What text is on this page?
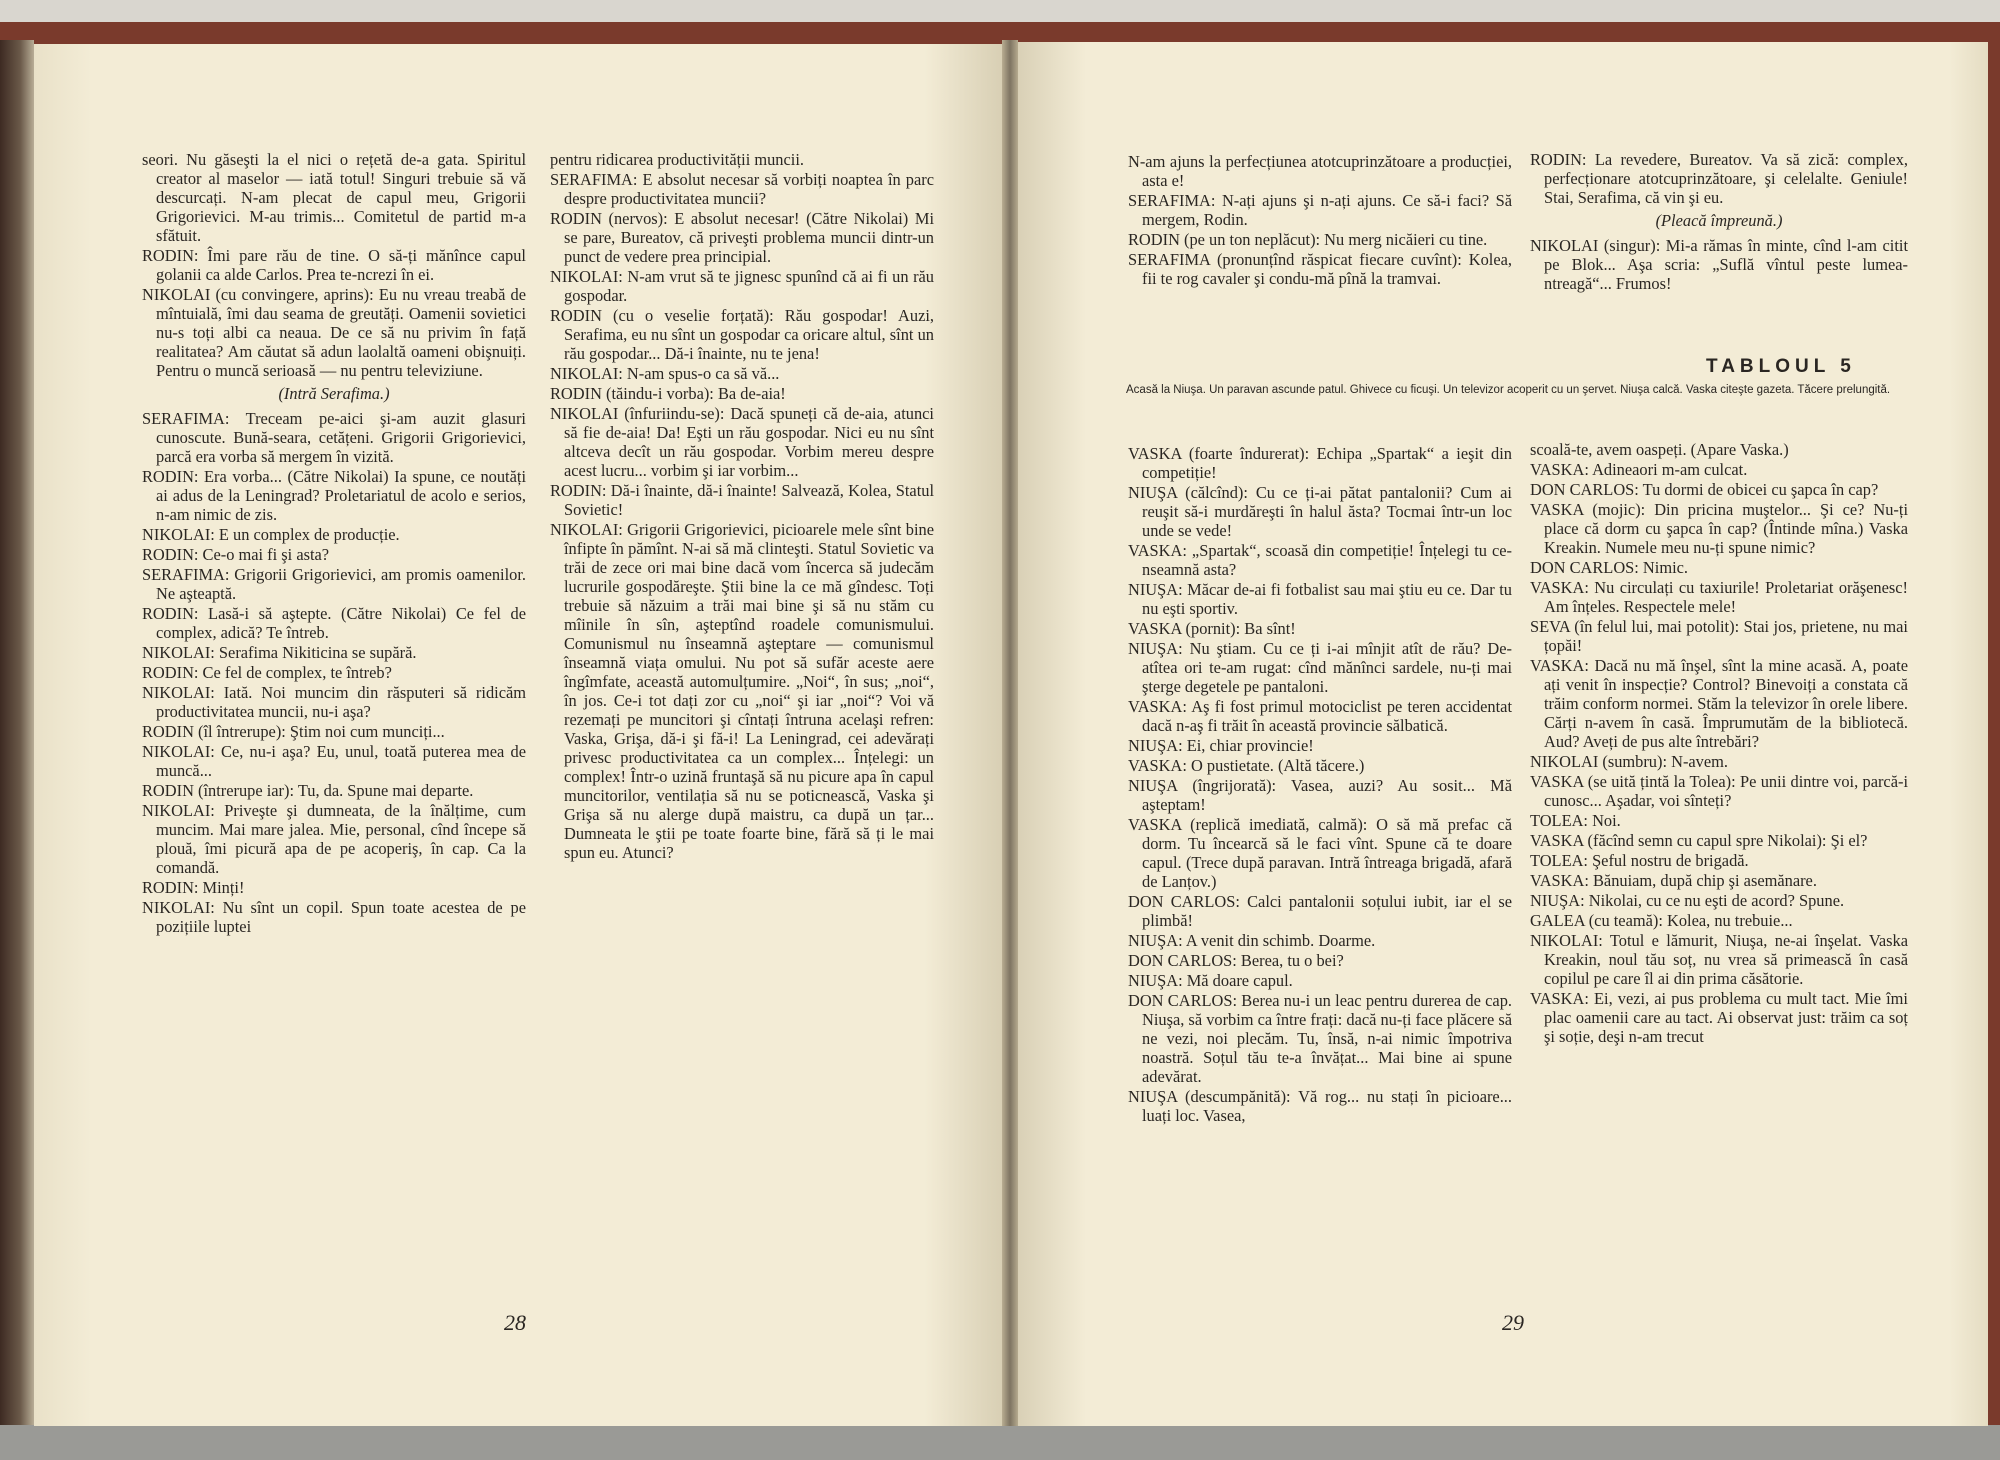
seori. Nu găseşti la el nici o rețetă de-a gata. Spiritul creator al maselor — iată totul! Singuri trebuie să vă descurcați. N-am plecat de capul meu, Grigorii Grigorievici. M-au trimis... Comitetul de partid m-a sfătuit.

RODIN: Îmi pare rău de tine. O să-ți mănînce capul golanii ca alde Carlos. Prea te-ncrezi în ei.

NIKOLAI (cu convingere, aprins): Eu nu vreau treabă de mîntuială, îmi dau seama de greutăți. Oamenii sovietici nu-s toți albi ca neaua. De ce să nu privim în față realitatea? Am căutat să adun laolaltă oameni obişnuiți. Pentru o muncă serioasă — nu pentru televiziune.

(Intră Serafima.)

SERAFIMA: Treceam pe-aici şi-am auzit glasuri cunoscute. Bună-seara, cetățeni. Grigorii Grigorievici, parcă era vorba să mergem în vizită.

RODIN: Era vorba... (Către Nikolai) Ia spune, ce noutăți ai adus de la Leningrad? Proletariatul de acolo e serios, n-am nimic de zis.

NIKOLAI: E un complex de producție.

RODIN: Ce-o mai fi şi asta?

SERAFIMA: Grigorii Grigorievici, am promis oamenilor. Ne aşteaptă.

RODIN: Lasă-i să aştepte. (Către Nikolai) Ce fel de complex, adică? Te întreb.

NIKOLAI: Serafima Nikiticina se supără.

RODIN: Ce fel de complex, te întreb?

NIKOLAI: Iată. Noi muncim din răsputeri să ridicăm productivitatea muncii, nu-i aşa?

RODIN (îl întrerupe): Ştim noi cum munciți...

NIKOLAI: Ce, nu-i aşa? Eu, unul, toată puterea mea de muncă...

RODIN (întrerupe iar): Tu, da. Spune mai departe.

NIKOLAI: Priveşte şi dumneata, de la înălțime, cum muncim. Mai mare jalea. Mie, personal, cînd începe să plouă, îmi picură apa de pe acoperiş, în cap. Ca la comandă.

RODIN: Minți!

NIKOLAI: Nu sînt un copil. Spun toate acestea de pe pozițiile luptei

pentru ridicarea productivității muncii.

SERAFIMA: E absolut necesar să vorbiți noaptea în parc despre productivitatea muncii?

RODIN (nervos): E absolut necesar! (Către Nikolai) Mi se pare, Bureatov, că priveşti problema muncii dintr-un punct de vedere prea principial.

NIKOLAI: N-am vrut să te jignesc spunînd că ai fi un rău gospodar.

RODIN (cu o veselie forțată): Rău gospodar! Auzi, Serafima, eu nu sînt un gospodar ca oricare altul, sînt un rău gospodar... Dă-i înainte, nu te jena!

NIKOLAI: N-am spus-o ca să vă...

RODIN (tăindu-i vorba): Ba de-aia!

NIKOLAI (înfuriindu-se): Dacă spuneți că de-aia, atunci să fie de-aia! Da! Eşti un rău gospodar. Nici eu nu sînt altceva decît un rău gospodar. Vorbim mereu despre acest lucru... vorbim şi iar vorbim...

RODIN: Dă-i înainte, dă-i înainte! Salvează, Kolea, Statul Sovietic!

NIKOLAI: Grigorii Grigorievici, picioarele mele sînt bine înfipte în pămînt. N-ai să mă clinteşti. Statul Sovietic va trăi de zece ori mai bine dacă vom încerca să judecăm lucrurile gospodăreşte. Ştii bine la ce mă gîndesc. Toți trebuie să năzuim a trăi mai bine şi să nu stăm cu mîinile în sîn, aşteptînd roadele comunismului. Comunismul nu înseamnă aşteptare — comunismul înseamnă viața omului. Nu pot să sufăr aceste aere îngîmfate, această automulțumire. „Noi“, în sus; „noi“, în jos. Ce-i tot dați zor cu „noi“ şi iar „noi“? Voi vă rezemați pe muncitori şi cîntați întruna acelaşi refren: Vaska, Grişa, dă-i şi fă-i! La Leningrad, cei adevărați privesc productivitatea ca un complex... Înțelegi: un complex! Într-o uzină fruntaşă să nu picure apa în capul muncitorilor, ventilația să nu se poticnească, Vaska şi Grişa să nu alerge după maistru, ca după un țar... Dumneata le ştii pe toate foarte bine, fără să ți le mai spun eu. Atunci?

28

N-am ajuns la perfecțiunea atotcuprinzătoare a producției, asta e!

SERAFIMA: N-ați ajuns şi n-ați ajuns. Ce să-i faci? Să mergem, Rodin.

RODIN (pe un ton neplăcut): Nu merg nicăieri cu tine.

SERAFIMA (pronunțînd răspicat fiecare cuvînt): Kolea, fii te rog cavaler şi condu-mă pînă la tramvai.

RODIN: La revedere, Bureatov. Va să zică: complex, perfecționare atotcuprinzătoare, şi celelalte. Geniule! Stai, Serafima, că vin şi eu.

(Pleacă împreună.)

NIKOLAI (singur): Mi-a rămas în minte, cînd l-am citit pe Blok... Aşa scria: „Suflă vîntul peste lumea-ntreagă“... Frumos!

TABLOUL 5
Acasă la Niuşa. Un paravan ascunde patul. Ghivece cu ficuşi. Un televizor acoperit cu un şervet. Niuşa calcă. Vaska citeşte gazeta. Tăcere prelungită.

VASKA (foarte îndurerat): Echipa „Spartak“ a ieşit din competiție!

NIUŞA (călcînd): Cu ce ți-ai pătat pantalonii? Cum ai reuşit să-i murdăreşti în halul ăsta? Tocmai într-un loc unde se vede!

VASKA: „Spartak“, scoasă din competiție! Înțelegi tu ce-nseamnă asta?

NIUŞA: Măcar de-ai fi fotbalist sau mai ştiu eu ce. Dar tu nu eşti sportiv.

VASKA (pornit): Ba sînt!

NIUŞA: Nu ştiam. Cu ce ți i-ai mînjit atît de rău? De-atîtea ori te-am rugat: cînd mănînci sardele, nu-ți mai şterge degetele pe pantaloni.

VASKA: Aş fi fost primul motociclist pe teren accidentat dacă n-aş fi trăit în această provincie sălbatică.

NIUŞA: Ei, chiar provincie!

VASKA: O pustietate. (Altă tăcere.)

NIUŞA (îngrijorată): Vasea, auzi? Au sosit... Mă aşteptam!

VASKA (replică imediată, calmă): O să mă prefac că dorm. Tu încearcă să le faci vînt. Spune că te doare capul. (Trece după paravan. Intră întreaga brigadă, afară de Lanțov.)

DON CARLOS: Calci pantalonii soțului iubit, iar el se plimbă!

NIUŞA: A venit din schimb. Doarme.

DON CARLOS: Berea, tu o bei?

NIUŞA: Mă doare capul.

DON CARLOS: Berea nu-i un leac pentru durerea de cap. Niuşa, să vorbim ca între frați: dacă nu-ți face plăcere să ne vezi, noi plecăm. Tu, însă, n-ai nimic împotriva noastră. Soțul tău te-a învățat... Mai bine ai spune adevărat.

NIUŞA (descumpănită): Vă rog... nu stați în picioare... luați loc. Vasea,

scoală-te, avem oaspeți. (Apare Vaska.)

VASKA: Adineaori m-am culcat.

DON CARLOS: Tu dormi de obicei cu şapca în cap?

VASKA (mojic): Din pricina muştelor... Şi ce? Nu-ți place că dorm cu şapca în cap? (Întinde mîna.) Vaska Kreakin. Numele meu nu-ți spune nimic?

DON CARLOS: Nimic.

VASKA: Nu circulați cu taxiurile! Proletariat orăşenesc! Am înțeles. Respectele mele!

SEVA (în felul lui, mai potolit): Stai jos, prietene, nu mai țopăi!

VASKA: Dacă nu mă înşel, sînt la mine acasă. A, poate ați venit în inspecție? Control? Binevoiți a constata că trăim conform normei. Stăm la televizor în orele libere. Cărți n-avem în casă. Împrumutăm de la bibliotecă. Aud? Aveți de pus alte întrebări?

NIKOLAI (sumbru): N-avem.

VASKA (se uită țintă la Tolea): Pe unii dintre voi, parcă-i cunosc... Aşadar, voi sînteți?

TOLEA: Noi.

VASKA (făcînd semn cu capul spre Nikolai): Şi el?

TOLEA: Şeful nostru de brigadă.

VASKA: Bănuiam, după chip şi asemănare.

NIUŞA: Nikolai, cu ce nu eşti de acord? Spune.

GALEA (cu teamă): Kolea, nu trebuie...

NIKOLAI: Totul e lămurit, Niuşa, ne-ai înşelat. Vaska Kreakin, noul tău soț, nu vrea să primească în casă copilul pe care îl ai din prima căsătorie.

VASKA: Ei, vezi, ai pus problema cu mult tact. Mie îmi plac oamenii care au tact. Ai observat just: trăim ca soț şi soție, deşi n-am trecut

29
